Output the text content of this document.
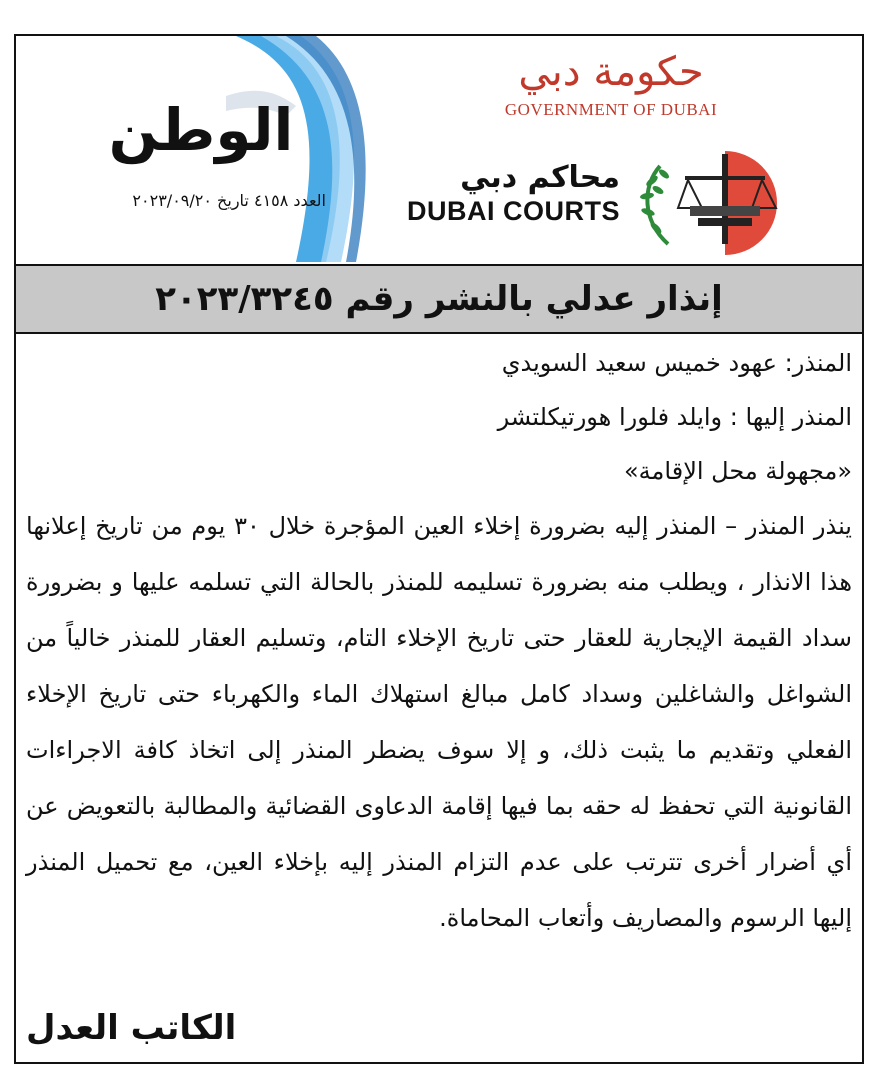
الوطن
العدد ٤١٥٨ تاريخ ٢٠٢٣/٠٩/٢٠
حكومة دبي
GOVERNMENT OF DUBAI
محاكم دبي
DUBAI COURTS
إنذار عدلي بالنشر رقم ٢٠٢٣/٣٢٤٥

المنذر: عهود خميس سعيد السويدي

المنذر إليها : وايلد فلورا هورتيكلتشر

«مجهولة محل الإقامة»

ينذر المنذر – المنذر إليه بضرورة إخلاء العين المؤجرة خلال ٣٠ يوم من تاريخ إعلانها هذا الانذار ، ويطلب منه بضرورة تسليمه للمنذر بالحالة التي تسلمه عليها و بضرورة سداد القيمة الإيجارية للعقار حتى تاريخ الإخلاء التام، وتسليم العقار للمنذر خالياً من الشواغل والشاغلين وسداد كامل مبالغ استهلاك الماء والكهرباء حتى تاريخ الإخلاء الفعلي وتقديم ما يثبت ذلك، و إلا سوف يضطر المنذر إلى اتخاذ كافة الاجراءات القانونية التي تحفظ له حقه بما فيها إقامة الدعاوى القضائية والمطالبة بالتعويض عن أي أضرار أخرى تترتب على عدم التزام المنذر إليه بإخلاء العين، مع تحميل المنذر إليها الرسوم والمصاريف وأتعاب المحاماة.

الكاتب العدل
